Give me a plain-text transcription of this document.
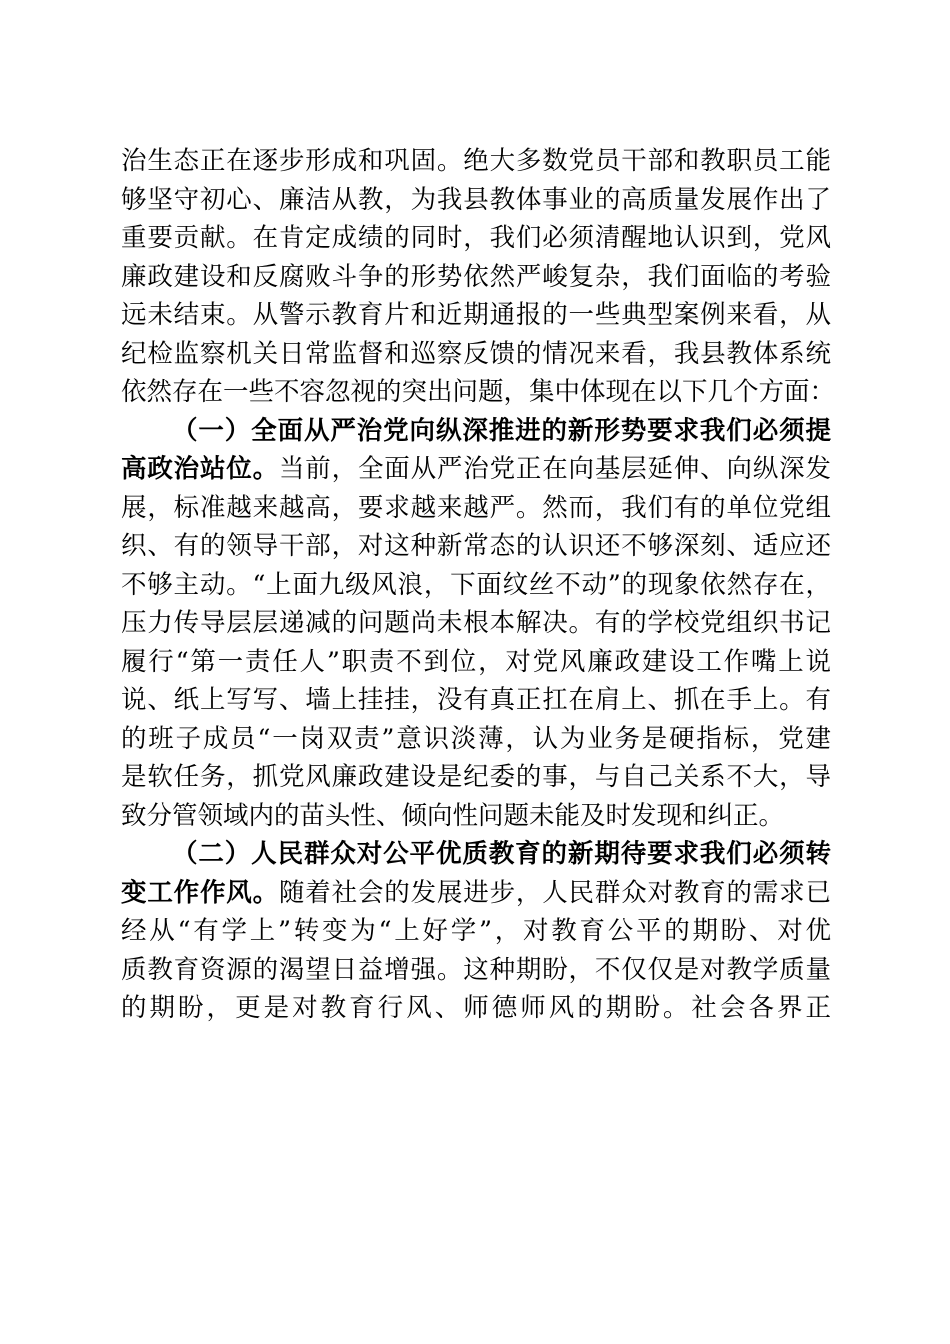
治生态正在逐步形成和巩固。绝大多数党员干部和教职员工能
够坚守初心、廉洁从教，为我县教体事业的高质量发展作出了
重要贡献。在肯定成绩的同时，我们必须清醒地认识到，党风
廉政建设和反腐败斗争的形势依然严峻复杂，我们面临的考验
远未结束。从警示教育片和近期通报的一些典型案例来看，从
纪检监察机关日常监督和巡察反馈的情况来看，我县教体系统
依然存在一些不容忽视的突出问题，集中体现在以下几个方面：
（一）全面从严治党向纵深推进的新形势要求我们必须提
高政治站位。当前，全面从严治党正在向基层延伸、向纵深发
展，标准越来越高，要求越来越严。然而，我们有的单位党组
织、有的领导干部，对这种新常态的认识还不够深刻、适应还
不够主动。“上面九级风浪，下面纹丝不动”的现象依然存在，
压力传导层层递减的问题尚未根本解决。有的学校党组织书记
履行“第一责任人”职责不到位，对党风廉政建设工作嘴上说
说、纸上写写、墙上挂挂，没有真正扛在肩上、抓在手上。有
的班子成员“一岗双责”意识淡薄，认为业务是硬指标，党建
是软任务，抓党风廉政建设是纪委的事，与自己关系不大，导
致分管领域内的苗头性、倾向性问题未能及时发现和纠正。
（二）人民群众对公平优质教育的新期待要求我们必须转
变工作作风。随着社会的发展进步，人民群众对教育的需求已
经从“有学上”转变为“上好学”，对教育公平的期盼、对优
质教育资源的渴望日益增强。这种期盼，不仅仅是对教学质量
的期盼，更是对教育行风、师德师风的期盼。社会各界正
